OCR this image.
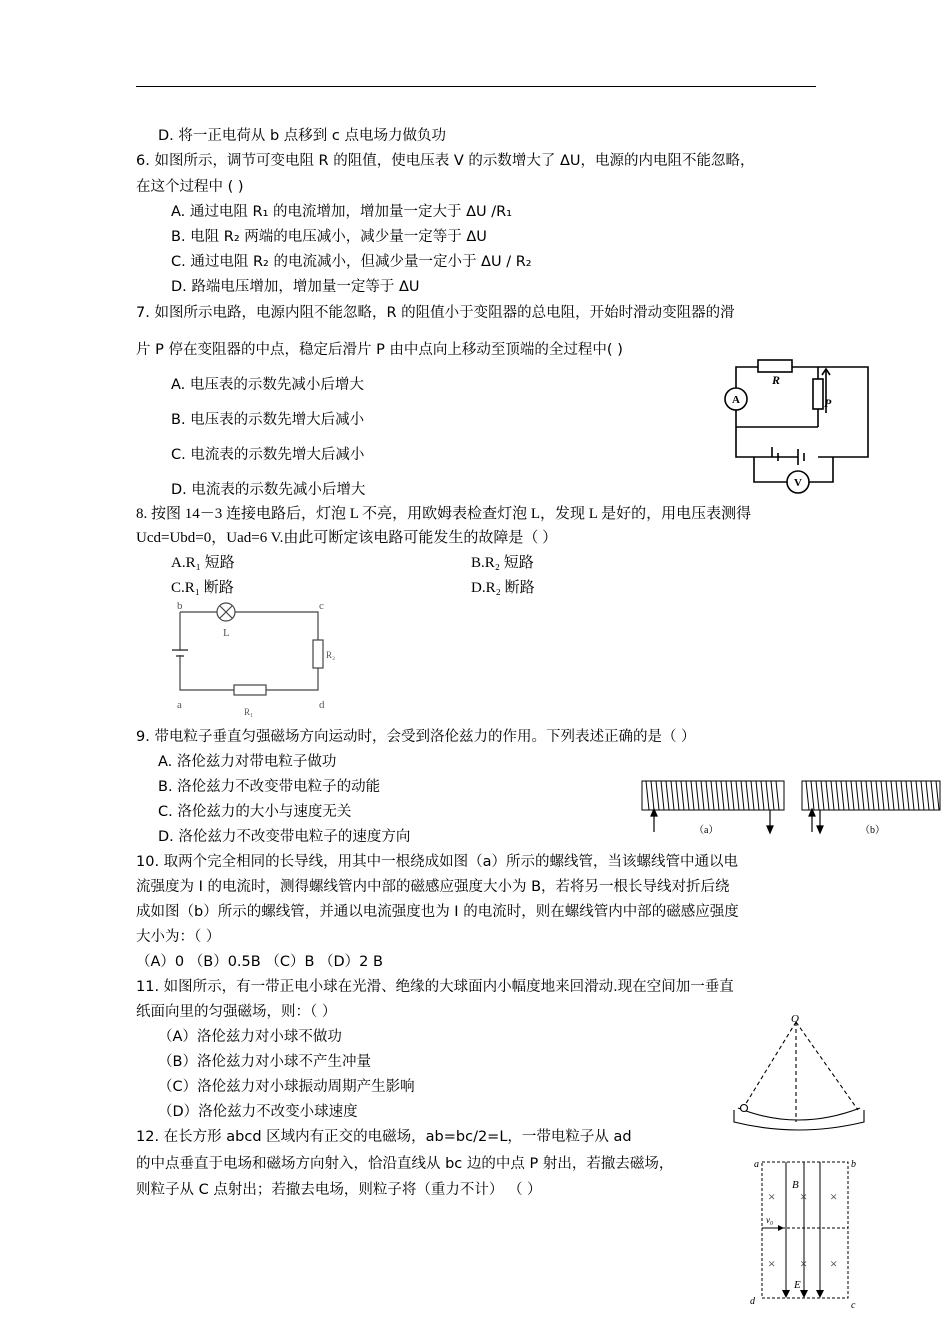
D. 将一正电荷从 b 点移到 c 点电场力做负功
6. 如图所示，调节可变电阻 R 的阻值，使电压表 V 的示数增大了 ΔU，电源的内电阻不能忽略，
在这个过程中 ( )
A. 通过电阻 R₁ 的电流增加，增加量一定大于 ΔU /R₁
B. 电阻 R₂ 两端的电压减小，减少量一定等于 ΔU
C. 通过电阻 R₂ 的电流减小，但减少量一定小于 ΔU / R₂
D. 路端电压增加，增加量一定等于 ΔU
7. 如图所示电路，电源内阻不能忽略，R 的阻值小于变阻器的总电阻，开始时滑动变阻器的滑
片 P 停在变阻器的中点，稳定后滑片 P 由中点向上移动至顶端的全过程中( )
A. 电压表的示数先减小后增大
B. 电压表的示数先增大后减小
C. 电流表的示数先增大后减小
D. 电流表的示数先减小后增大
R
P
A
V
8. 按图 14－3 连接电路后，灯泡 L 不亮，用欧姆表检查灯泡 L，发现 L 是好的，用电压表测得
Ucd=Ubd=0，Uad=6 V.由此可断定该电路可能发生的故障是（ ）
A.R₁ 短路	B.R₂ 短路
C.R₁ 断路	D.R₂ 断路
b	c
a	d
L
R₁
R₂
9. 带电粒子垂直匀强磁场方向运动时，会受到洛伦兹力的作用。下列表述正确的是（ ）
A. 洛伦兹力对带电粒子做功
B. 洛伦兹力不改变带电粒子的动能
C. 洛伦兹力的大小与速度无关
D. 洛伦兹力不改变带电粒子的速度方向	（a）	（b）
10. 取两个完全相同的长导线，用其中一根绕成如图（a）所示的螺线管，当该螺线管中通以电
流强度为 I 的电流时，测得螺线管内中部的磁感应强度大小为 B，若将另一根长导线对折后绕
成如图（b）所示的螺线管，并通以电流强度也为 I 的电流时，则在螺线管内中部的磁感应强度
大小为：（ ）
（A）0 （B）0.5B （C）B （D）2 B
11. 如图所示，有一带正电小球在光滑、绝缘的大球面内小幅度地来回滑动.现在空间加一垂直
纸面向里的匀强磁场，则：（ ）
（A）洛伦兹力对小球不做功
（B）洛伦兹力对小球不产生冲量
（C）洛伦兹力对小球振动周期产生影响
（D）洛伦兹力不改变小球速度
O
12. 在长方形 abcd 区域内有正交的电磁场，ab=bc/2=L，一带电粒子从 ad
的中点垂直于电场和磁场方向射入，恰沿直线从 bc 边的中点 P 射出，若撤去磁场，
则粒子从 C 点射出；若撤去电场，则粒子将（重力不计） （ ）	×	×
×
×	×
×
a	b
c
d
B
E
v₀
